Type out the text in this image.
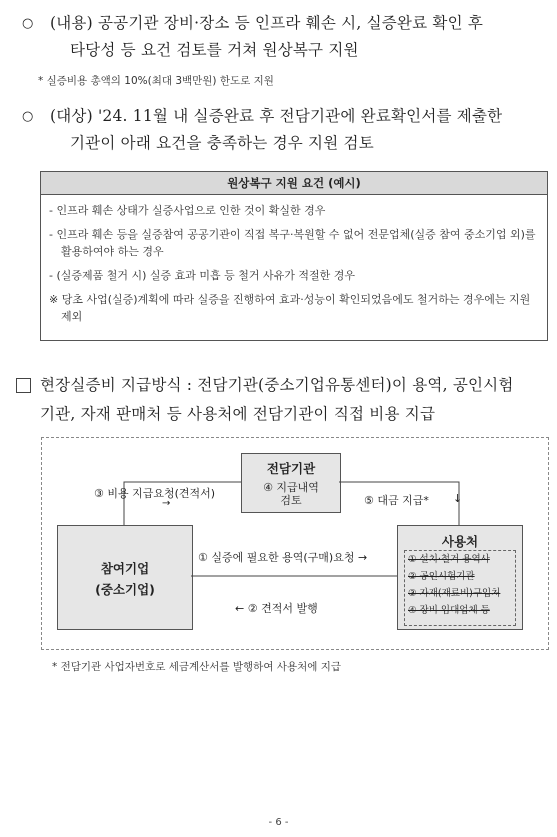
○	(내용) 공공기관 장비·장소 등 인프라 훼손 시, 실증완료 확인 후
타당성 등 요건 검토를 거쳐 원상복구 지원
* 실증비용 총액의 10%(최대 3백만원) 한도로 지원
○	(대상) '24. 11월 내 실증완료 후 전담기관에 완료확인서를 제출한
기관이 아래 요건을 충족하는 경우 지원 검토
원상복구 지원 요건 (예시)
- 인프라 훼손 상태가 실증사업으로 인한 것이 확실한 경우
- 인프라 훼손 등을 실증참여 공공기관이 직접 복구·복원할 수 없어 전문업체(실증 참여 중소기업 외)를 활용하여야 하는 경우
- (실증제품 철거 시) 실증 효과 미흡 등 철거 사유가 적절한 경우
※ 당초 사업(실증)계획에 따라 실증을 진행하여 효과·성능이 확인되었음에도 철거하는 경우에는 지원 제외
현장실증비 지급방식 : 전담기관(중소기업유통센터)이 용역, 공인시험
기관, 자재 판매처 등 사용처에 전담기관이 직접 비용 지급
전담기관
④ 지급내역
검토
참여기업
(중소기업)
사용처
① 설치·철거 용역사
② 공인시험기관
③ 자재(재료비)구입처
④ 장비 임대업체 등
③ 비용 지급요청(견적서)
→	⑤ 대금 지급* ↓
① 실증에 필요한 용역(구매)요청 →
← ② 견적서 발행
* 전담기관 사업자번호로 세금계산서를 발행하여 사용처에 지급
- 6 -
